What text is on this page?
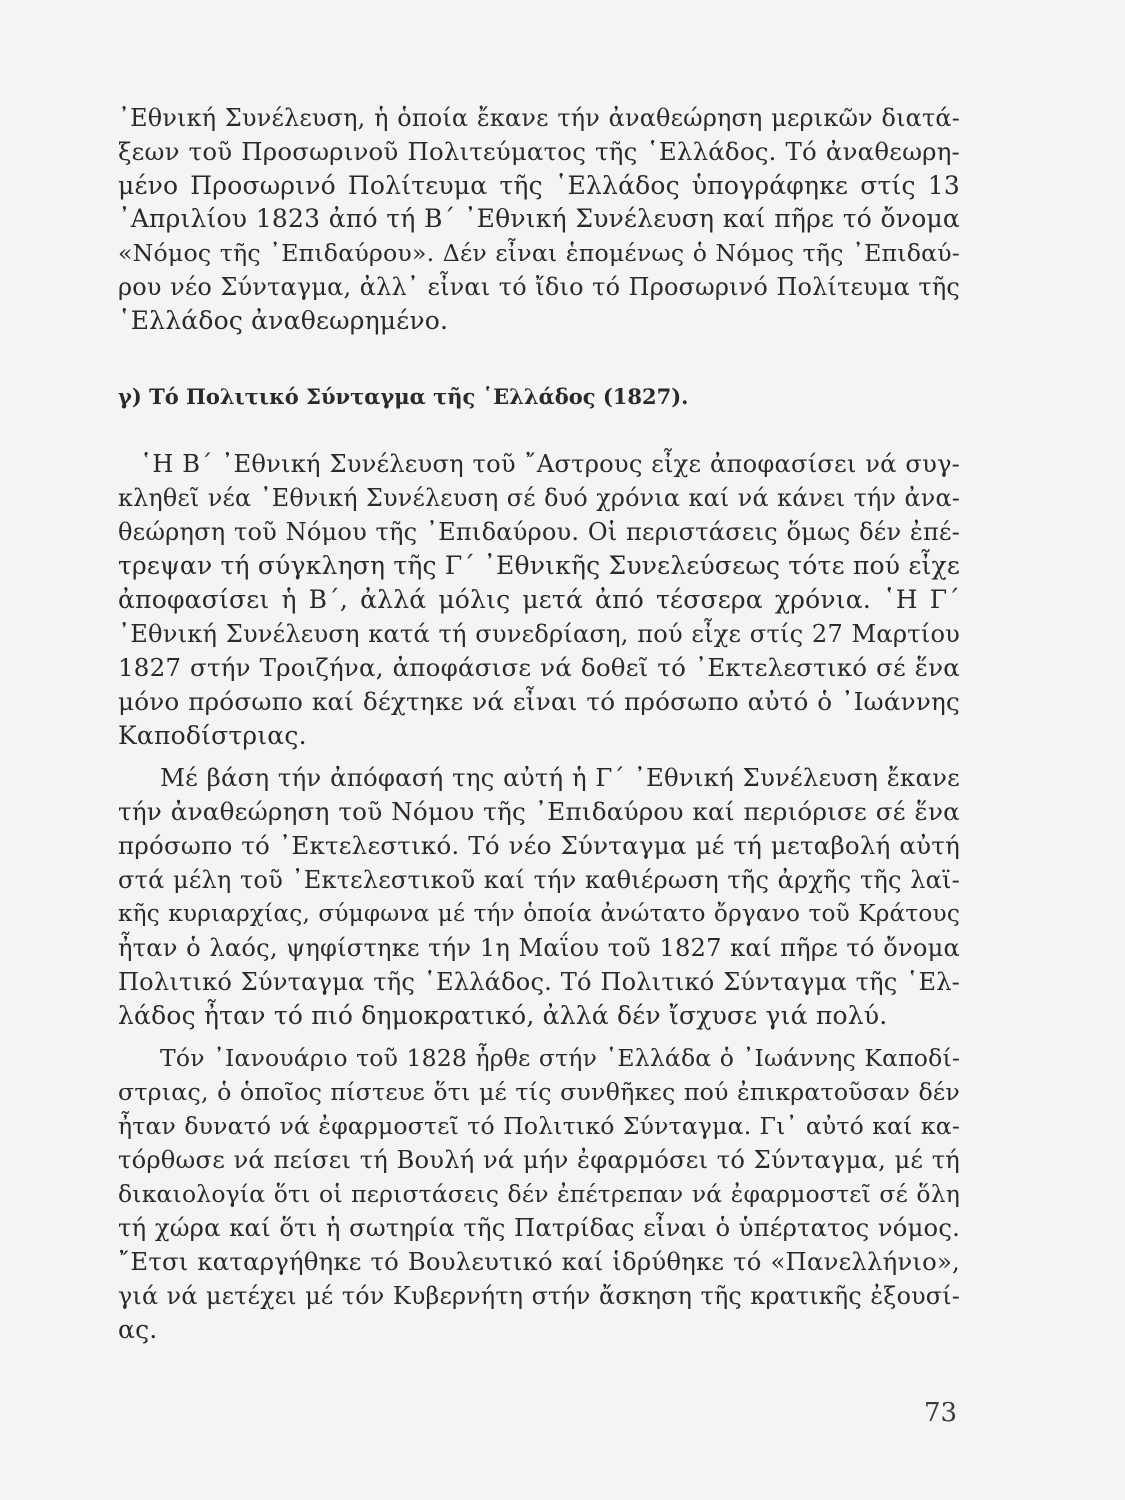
᾿Εθνική Συνέλευση, ἡ ὁποία ἔκανε τήν ἀναθεώρηση μερικῶν διατά-
ξεων τοῦ Προσωρινοῦ Πολιτεύματος τῆς ῾Ελλάδος. Τό ἀναθεωρη-
μένο Προσωρινό Πολίτευμα τῆς ῾Ελλάδος ὑπογράφηκε στίς 13
᾿Απριλίου 1823 ἀπό τή Β΄ ᾿Εθνική Συνέλευση καί πῆρε τό ὄνομα
«Νόμος τῆς ᾿Επιδαύρου». Δέν εἶναι ἑπομένως ὁ Νόμος τῆς ᾿Επιδαύ-
ρου νέο Σύνταγμα, ἀλλ᾿ εἶναι τό ἴδιο τό Προσωρινό Πολίτευμα τῆς
῾Ελλάδος ἀναθεωρημένο.
γ) Τό Πολιτικό Σύνταγμα τῆς ῾Ελλάδος (1827).
῾Η Β΄ ᾿Εθνική Συνέλευση τοῦ ῎Αστρους εἶχε ἀποφασίσει νά συγ-
κληθεῖ νέα ᾿Εθνική Συνέλευση σέ δυό χρόνια καί νά κάνει τήν ἀνα-
θεώρηση τοῦ Νόμου τῆς ᾿Επιδαύρου. Οἱ περιστάσεις ὅμως δέν ἐπέ-
τρεψαν τή σύγκληση τῆς Γ΄ ᾿Εθνικῆς Συνελεύσεως τότε πού εἶχε
ἀποφασίσει ἡ Β΄, ἀλλά μόλις μετά ἀπό τέσσερα χρόνια. ῾Η Γ΄
᾿Εθνική Συνέλευση κατά τή συνεδρίαση, πού εἶχε στίς 27 Μαρτίου
1827 στήν Τροιζήνα, ἀποφάσισε νά δοθεῖ τό ᾿Εκτελεστικό σέ ἕνα
μόνο πρόσωπο καί δέχτηκε νά εἶναι τό πρόσωπο αὐτό ὁ ᾿Ιωάννης
Καποδίστριας.
Μέ βάση τήν ἀπόφασή της αὐτή ἡ Γ΄ ᾿Εθνική Συνέλευση ἔκανε
τήν ἀναθεώρηση τοῦ Νόμου τῆς ᾿Επιδαύρου καί περιόρισε σέ ἕνα
πρόσωπο τό ᾿Εκτελεστικό. Τό νέο Σύνταγμα μέ τή μεταβολή αὐτή
στά μέλη τοῦ ᾿Εκτελεστικοῦ καί τήν καθιέρωση τῆς ἀρχῆς τῆς λαϊ-
κῆς κυριαρχίας, σύμφωνα μέ τήν ὁποία ἀνώτατο ὄργανο τοῦ Κράτους
ἦταν ὁ λαός, ψηφίστηκε τήν 1η Μαΐου τοῦ 1827 καί πῆρε τό ὄνομα
Πολιτικό Σύνταγμα τῆς ῾Ελλάδος. Τό Πολιτικό Σύνταγμα τῆς ῾Ελ-
λάδος ἦταν τό πιό δημοκρατικό, ἀλλά δέν ἴσχυσε γιά πολύ.
Τόν ᾿Ιανουάριο τοῦ 1828 ἦρθε στήν ῾Ελλάδα ὁ ᾿Ιωάννης Καποδί-
στριας, ὁ ὁποῖος πίστευε ὅτι μέ τίς συνθῆκες πού ἐπικρατοῦσαν δέν
ἦταν δυνατό νά ἐφαρμοστεῖ τό Πολιτικό Σύνταγμα. Γι᾿ αὐτό καί κα-
τόρθωσε νά πείσει τή Βουλή νά μήν ἐφαρμόσει τό Σύνταγμα, μέ τή
δικαιολογία ὅτι οἱ περιστάσεις δέν ἐπέτρεπαν νά ἐφαρμοστεῖ σέ ὅλη
τή χώρα καί ὅτι ἡ σωτηρία τῆς Πατρίδας εἶναι ὁ ὑπέρτατος νόμος.
῎Ετσι καταργήθηκε τό Βουλευτικό καί ἱδρύθηκε τό «Πανελλήνιο»,
γιά νά μετέχει μέ τόν Κυβερνήτη στήν ἄσκηση τῆς κρατικῆς ἐξουσί-
ας.
73
